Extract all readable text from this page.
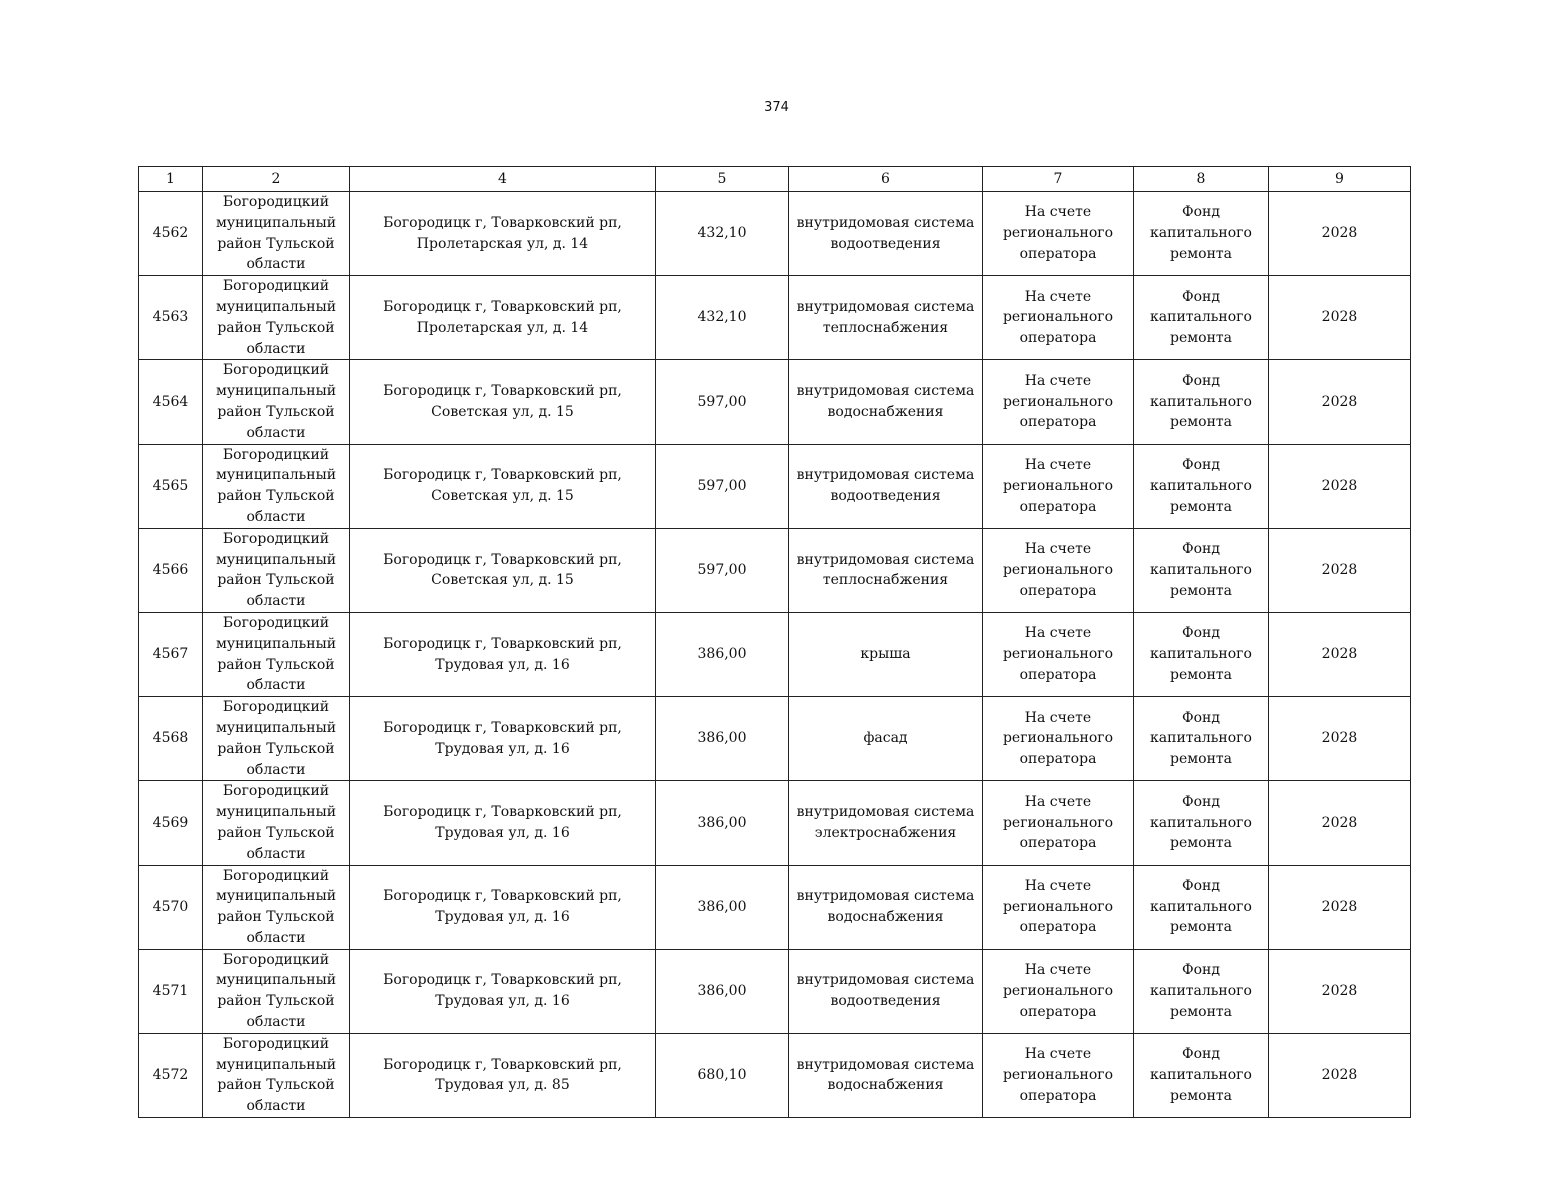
374
1	2	4	5	6	7	8	9
4562	Богородицкий муниципальный район Тульской области	Богородицк г, Товарковский рп, Пролетарская ул, д. 14	432,10	внутридомовая система водоотведения	На счете регионального оператора	Фонд капитального ремонта	2028
4563	Богородицкий муниципальный район Тульской области	Богородицк г, Товарковский рп, Пролетарская ул, д. 14	432,10	внутридомовая система теплоснабжения	На счете регионального оператора	Фонд капитального ремонта	2028
4564	Богородицкий муниципальный район Тульской области	Богородицк г, Товарковский рп, Советская ул, д. 15	597,00	внутридомовая система водоснабжения	На счете регионального оператора	Фонд капитального ремонта	2028
4565	Богородицкий муниципальный район Тульской области	Богородицк г, Товарковский рп, Советская ул, д. 15	597,00	внутридомовая система водоотведения	На счете регионального оператора	Фонд капитального ремонта	2028
4566	Богородицкий муниципальный район Тульской области	Богородицк г, Товарковский рп, Советская ул, д. 15	597,00	внутридомовая система теплоснабжения	На счете регионального оператора	Фонд капитального ремонта	2028
4567	Богородицкий муниципальный район Тульской области	Богородицк г, Товарковский рп, Трудовая ул, д. 16	386,00	крыша	На счете регионального оператора	Фонд капитального ремонта	2028
4568	Богородицкий муниципальный район Тульской области	Богородицк г, Товарковский рп, Трудовая ул, д. 16	386,00	фасад	На счете регионального оператора	Фонд капитального ремонта	2028
4569	Богородицкий муниципальный район Тульской области	Богородицк г, Товарковский рп, Трудовая ул, д. 16	386,00	внутридомовая система электроснабжения	На счете регионального оператора	Фонд капитального ремонта	2028
4570	Богородицкий муниципальный район Тульской области	Богородицк г, Товарковский рп, Трудовая ул, д. 16	386,00	внутридомовая система водоснабжения	На счете регионального оператора	Фонд капитального ремонта	2028
4571	Богородицкий муниципальный район Тульской области	Богородицк г, Товарковский рп, Трудовая ул, д. 16	386,00	внутридомовая система водоотведения	На счете регионального оператора	Фонд капитального ремонта	2028
4572	Богородицкий муниципальный район Тульской области	Богородицк г, Товарковский рп, Трудовая ул, д. 85	680,10	внутридомовая система водоснабжения	На счете регионального оператора	Фонд капитального ремонта	2028
